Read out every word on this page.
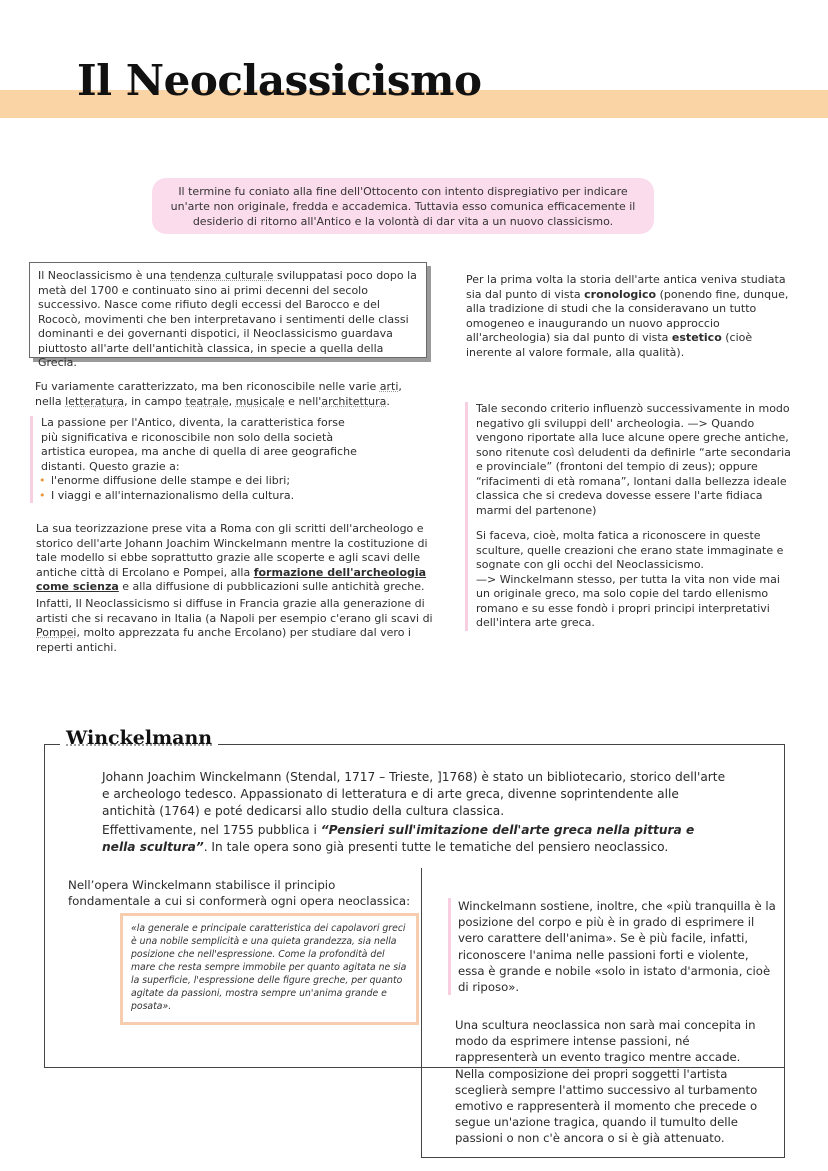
Il Neoclassicismo
Il termine fu coniato alla fine dell'Ottocento con intento dispregiativo per indicare un'arte non originale, fredda e accademica. Tuttavia esso comunica efficacemente il desiderio di ritorno all'Antico e la volontà di dar vita a un nuovo classicismo.
Il Neoclassicismo è una tendenza culturale sviluppatasi poco dopo la metà del 1700 e continuato sino ai primi decenni del secolo successivo. Nasce come rifiuto degli eccessi del Barocco e del Rococò, movimenti che ben interpretavano i sentimenti delle classi dominanti e dei governanti dispotici, il Neoclassicismo guardava piuttosto all'arte dell'antichità classica, in specie a quella della Grecia.
Fu variamente caratterizzato, ma ben riconoscibile nelle varie arti,
nella letteratura, in campo teatrale, musicale e nell'architettura.
La passione per l'Antico, diventa, la caratteristica forse più significativa e riconoscibile non solo della società artistica europea, ma anche di quella di aree geografiche distanti. Questo grazie a:
• l'enorme diffusione delle stampe e dei libri;
• I viaggi e all'internazionalismo della cultura.
La sua teorizzazione prese vita a Roma con gli scritti dell'archeologo e storico dell'arte Johann Joachim Winckelmann mentre la costituzione di tale modello si ebbe soprattutto grazie alle scoperte e agli scavi delle antiche città di Ercolano e Pompei, alla formazione dell'archeologia come scienza e alla diffusione di pubblicazioni sulle antichità greche.
Infatti, Il Neoclassicismo si diffuse in Francia grazie alla generazione di artisti che si recavano in Italia (a Napoli per esempio c'erano gli scavi di Pompei, molto apprezzata fu anche Ercolano) per studiare dal vero i reperti antichi.
Per la prima volta la storia dell'arte antica veniva studiata sia dal punto di vista cronologico (ponendo fine, dunque, alla tradizione di studi che la consideravano un tutto omogeneo e inaugurando un nuovo approccio all'archeologia) sia dal punto di vista estetico (cioè inerente al valore formale, alla qualità).
Tale secondo criterio influenzò successivamente in modo negativo gli sviluppi dell' archeologia. —> Quando vengono riportate alla luce alcune opere greche antiche, sono ritenute così deludenti da definirle “arte secondaria e provinciale” (frontoni del tempio di zeus); oppure “rifacimenti di età romana”, lontani dalla bellezza ideale classica che si credeva dovesse essere l'arte fidiaca marmi del partenone)
Si faceva, cioè, molta fatica a riconoscere in queste sculture, quelle creazioni che erano state immaginate e sognate con gli occhi del Neoclassicismo.
—> Winckelmann stesso, per tutta la vita non vide mai un originale greco, ma solo copie del tardo ellenismo romano e su esse fondò i propri principi interpretativi dell'intera arte greca.
Winckelmann
Johann Joachim Winckelmann (Stendal, 1717 – Trieste, ]1768) è stato un bibliotecario, storico dell'arte e archeologo tedesco. Appassionato di letteratura e di arte greca, divenne soprintendente alle antichità (1764) e poté dedicarsi allo studio della cultura classica.
Effettivamente, nel 1755 pubblica i “Pensieri sull'imitazione dell'arte greca nella pittura e nella scultura”. In tale opera sono già presenti tutte le tematiche del pensiero neoclassico.
Nell’opera Winckelmann stabilisce il principio fondamentale a cui si conformerà ogni opera neoclassica:
«la generale e principale caratteristica dei capolavori greci è una nobile semplicità e una quieta grandezza, sia nella posizione che nell'espressione. Come la profondità del mare che resta sempre immobile per quanto agitata ne sia la superficie, l'espressione delle figure greche, per quanto agitate da passioni, mostra sempre un'anima grande e posata».
Winckelmann sostiene, inoltre, che «più tranquilla è la posizione del corpo e più è in grado di esprimere il vero carattere dell'anima». Se è più facile, infatti, riconoscere l'anima nelle passioni forti e violente, essa è grande e nobile «solo in istato d'armonia, cioè di riposo».
Una scultura neoclassica non sarà mai concepita in modo da esprimere intense passioni, né rappresenterà un evento tragico mentre accade. Nella composizione dei propri soggetti l'artista sceglierà sempre l'attimo successivo al turbamento emotivo e rappresenterà il momento che precede o segue un'azione tragica, quando il tumulto delle passioni o non c'è ancora o si è già attenuato.
